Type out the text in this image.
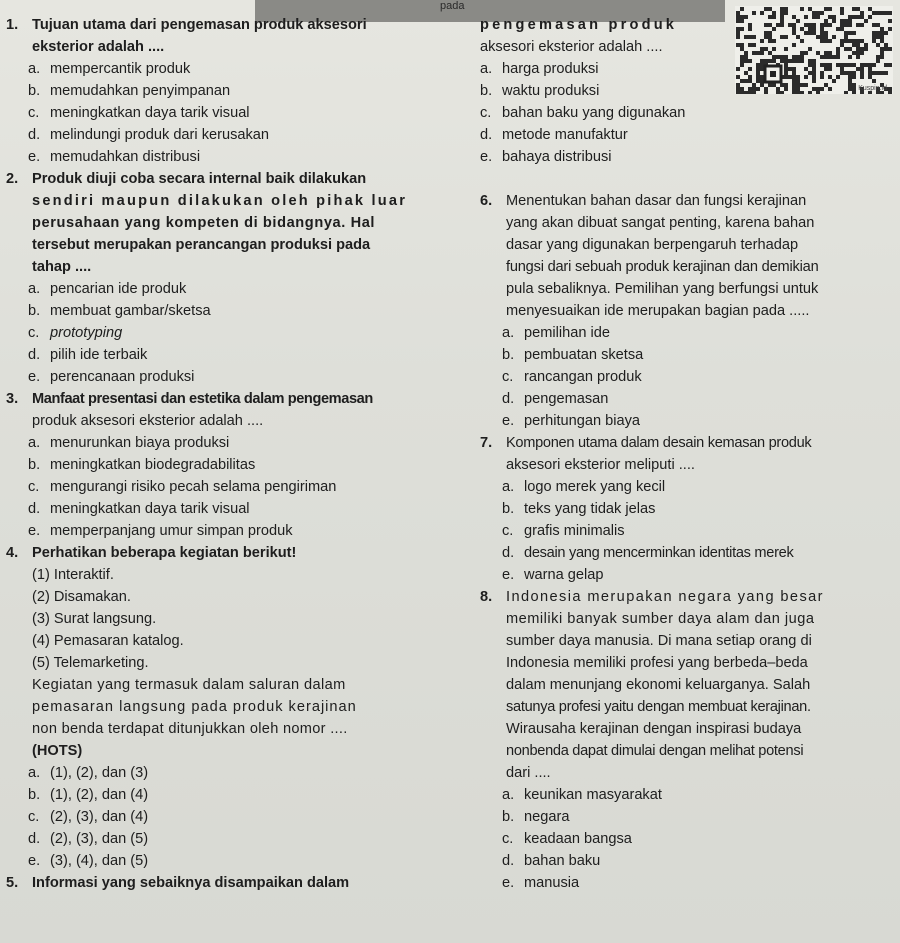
pada
Kuspin.id
1. Tujuan utama dari pengemasan produk aksesori
eksterior adalah ....
a. mempercantik produk
b. memudahkan penyimpanan
c. meningkatkan daya tarik visual
d. melindungi produk dari kerusakan
e. memudahkan distribusi
2. Produk diuji coba secara internal baik dilakukan
sendiri maupun dilakukan oleh pihak luar
perusahaan yang kompeten di bidangnya. Hal
tersebut merupakan perancangan produksi pada
tahap ....
a. pencarian ide produk
b. membuat gambar/sketsa
c. prototyping
d. pilih ide terbaik
e. perencanaan produksi
3. Manfaat presentasi dan estetika dalam pengemasan
produk aksesori eksterior adalah ....
a. menurunkan biaya produksi
b. meningkatkan biodegradabilitas
c. mengurangi risiko pecah selama pengiriman
d. meningkatkan daya tarik visual
e. memperpanjang umur simpan produk
4. Perhatikan beberapa kegiatan berikut!
(1) Interaktif.
(2) Disamakan.
(3) Surat langsung.
(4) Pemasaran katalog.
(5) Telemarketing.
Kegiatan yang termasuk dalam saluran dalam
pemasaran langsung pada produk kerajinan
non benda terdapat ditunjukkan oleh nomor ....
(HOTS)
a. (1), (2), dan (3)
b. (1), (2), dan (4)
c. (2), (3), dan (4)
d. (2), (3), dan (5)
e. (3), (4), dan (5)
5. Informasi yang sebaiknya disampaikan dalam
pengemasan produk
aksesori eksterior adalah ....
a. harga produksi
b. waktu produksi
c. bahan baku yang digunakan
d. metode manufaktur
e. bahaya distribusi
6. Menentukan bahan dasar dan fungsi kerajinan
yang akan dibuat sangat penting, karena bahan
dasar yang digunakan berpengaruh terhadap
fungsi dari sebuah produk kerajinan dan demikian
pula sebaliknya. Pemilihan yang berfungsi untuk
menyesuaikan ide merupakan bagian pada .....
a. pemilihan ide
b. pembuatan sketsa
c. rancangan produk
d. pengemasan
e. perhitungan biaya
7. Komponen utama dalam desain kemasan produk
aksesori eksterior meliputi ....
a. logo merek yang kecil
b. teks yang tidak jelas
c. grafis minimalis
d. desain yang mencerminkan identitas merek
e. warna gelap
8. Indonesia merupakan negara yang besar
memiliki banyak sumber daya alam dan juga
sumber daya manusia. Di mana setiap orang di
Indonesia memiliki profesi yang berbeda–beda
dalam menunjang ekonomi keluarganya. Salah
satunya profesi yaitu dengan membuat kerajinan.
Wirausaha kerajinan dengan inspirasi budaya
nonbenda dapat dimulai dengan melihat potensi
dari ....
a. keunikan masyarakat
b. negara
c. keadaan bangsa
d. bahan baku
e. manusia
